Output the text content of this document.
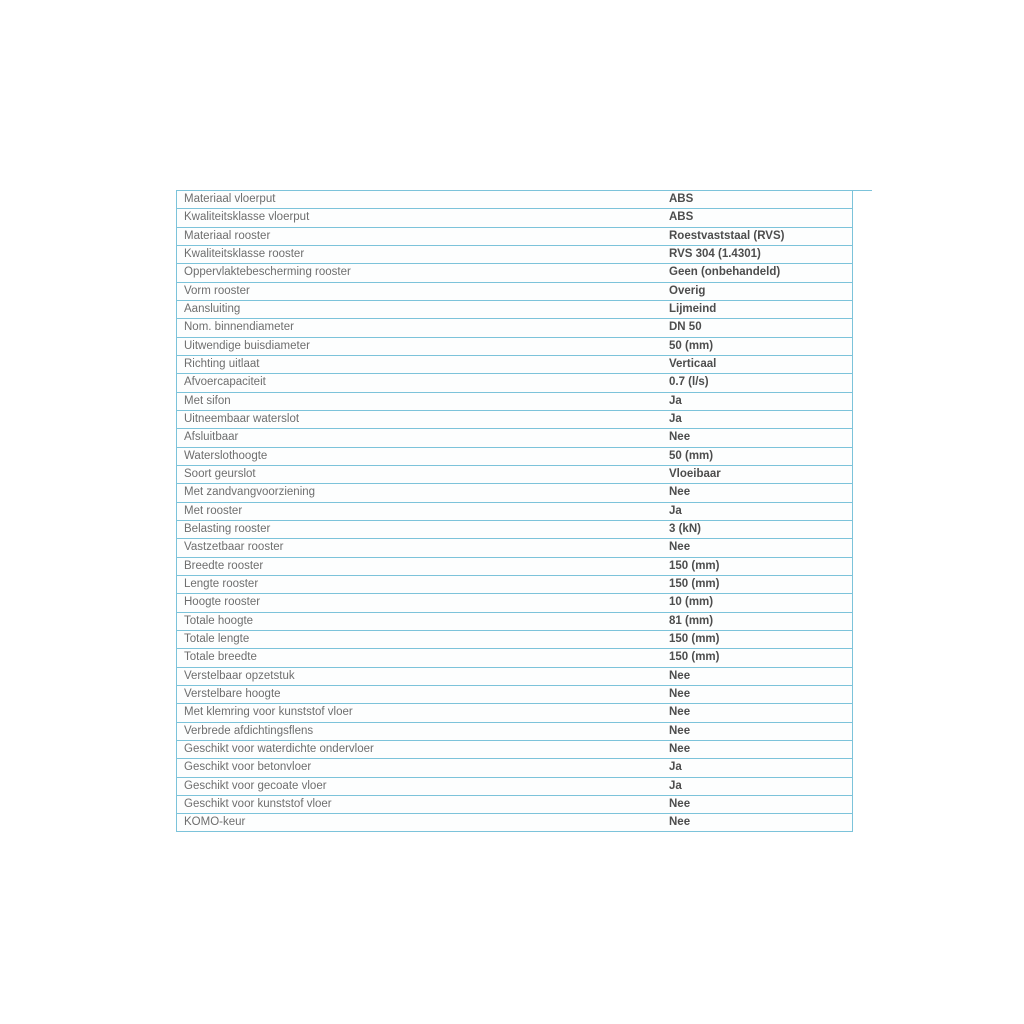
Materiaal vloerput	ABS
Kwaliteitsklasse vloerput	ABS
Materiaal rooster	Roestvaststaal (RVS)
Kwaliteitsklasse rooster	RVS 304 (1.4301)
Oppervlaktebescherming rooster	Geen (onbehandeld)
Vorm rooster	Overig
Aansluiting	Lijmeind
Nom. binnendiameter	DN 50
Uitwendige buisdiameter	50 (mm)
Richting uitlaat	Verticaal
Afvoercapaciteit	0.7 (l/s)
Met sifon	Ja
Uitneembaar waterslot	Ja
Afsluitbaar	Nee
Waterslothoogte	50 (mm)
Soort geurslot	Vloeibaar
Met zandvangvoorziening	Nee
Met rooster	Ja
Belasting rooster	3 (kN)
Vastzetbaar rooster	Nee
Breedte rooster	150 (mm)
Lengte rooster	150 (mm)
Hoogte rooster	10 (mm)
Totale hoogte	81 (mm)
Totale lengte	150 (mm)
Totale breedte	150 (mm)
Verstelbaar opzetstuk	Nee
Verstelbare hoogte	Nee
Met klemring voor kunststof vloer	Nee
Verbrede afdichtingsflens	Nee
Geschikt voor waterdichte ondervloer	Nee
Geschikt voor betonvloer	Ja
Geschikt voor gecoate vloer	Ja
Geschikt voor kunststof vloer	Nee
KOMO-keur	Nee
